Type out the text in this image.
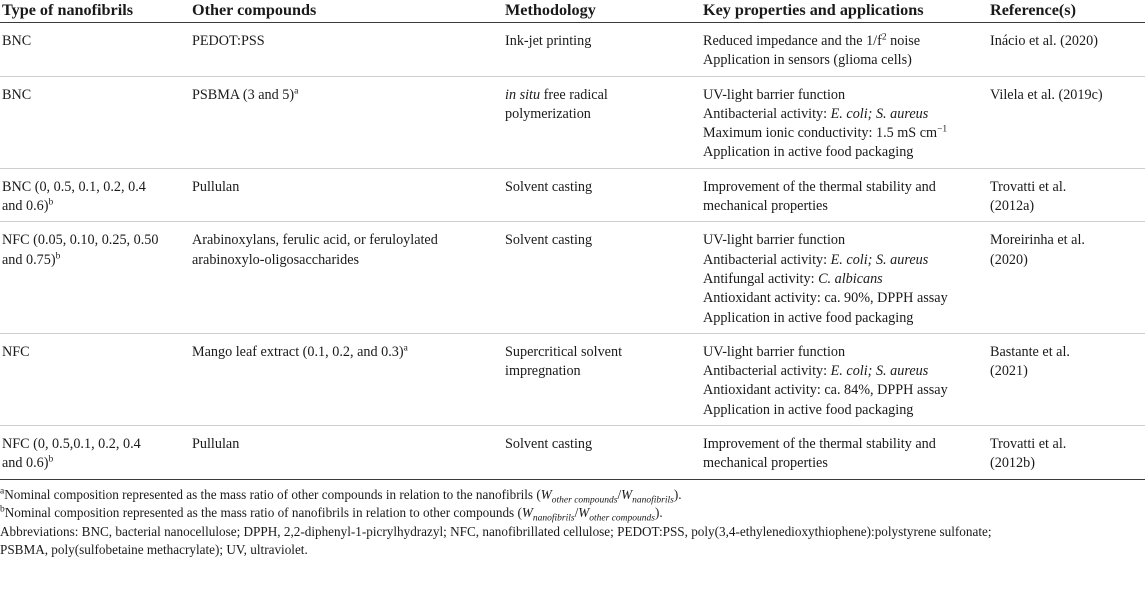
Type of nanofibrils	Other compounds	Methodology	Key properties and applications	Reference(s)

BNC	PEDOT:PSS	Ink-jet printing	Reduced impedance and the $1/f^2$ noise
Application in sensors (glioma cells)	Inácio et al. (2020)

BNC	PSBMA (3 and 5)$^a$	in situ free radical
polymerization	UV-light barrier function
Antibacterial activity: E. coli; S. aureus
Maximum ionic conductivity: 1.5 mS $cm^{-1}$
Application in active food packaging	Vilela et al. (2019c)

BNC (0, 0.5, 0.1, 0.2, 0.4
and 0.6)$^b$	Pullulan	Solvent casting	Improvement of the thermal stability and
mechanical properties	Trovatti et al.
(2012a)

NFC (0.05, 0.10, 0.25, 0.50
and 0.75)$^b$	Arabinoxylans, ferulic acid, or feruloylated
arabinoxylo-oligosaccharides	Solvent casting	UV-light barrier function
Antibacterial activity: E. coli; S. aureus
Antifungal activity: C. albicans
Antioxidant activity: ca. 90%, DPPH assay
Application in active food packaging	Moreirinha et al.
(2020)

NFC	Mango leaf extract (0.1, 0.2, and 0.3)$^a$	Supercritical solvent
impregnation	UV-light barrier function
Antibacterial activity: E. coli; S. aureus
Antioxidant activity: ca. 84%, DPPH assay
Application in active food packaging	Bastante et al.
(2021)

NFC (0, 0.5,0.1, 0.2, 0.4
and 0.6)$^b$	Pullulan	Solvent casting	Improvement of the thermal stability and
mechanical properties	Trovatti et al.
(2012b)
$^a$Nominal composition represented as the mass ratio of other compounds in relation to the nanofibrils $(W_{other compounds}/W_{nanofibrils})$.
$^b$Nominal composition represented as the mass ratio of nanofibrils in relation to other compounds $(W_{nanofibrils}/W_{other compounds})$.
Abbreviations: BNC, bacterial nanocellulose; DPPH, 2,2-diphenyl-1-picrylhydrazyl; NFC, nanofibrillated cellulose; PEDOT:PSS, poly(3,4-ethylenedioxythiophene):polystyrene sulfonate;
PSBMA, poly(sulfobetaine methacrylate); UV, ultraviolet.
